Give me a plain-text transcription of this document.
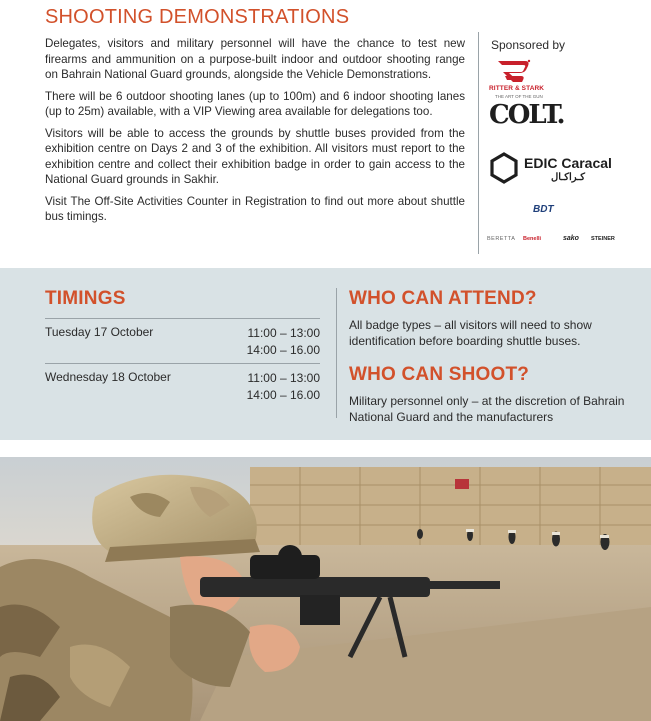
SHOOTING DEMONSTRATIONS

Delegates, visitors and military personnel will have the chance to test new firearms and ammunition on a purpose-built indoor and outdoor shooting range on Bahrain National Guard grounds, alongside the Vehicle Demonstrations.

There will be 6 outdoor shooting lanes (up to 100m) and 6 indoor shooting lanes (up to 25m) available, with a VIP Viewing area available for delegations too.

Visitors will be able to access the grounds by shuttle buses provided from the exhibition centre on Days 2 and 3 of the exhibition. All visitors must report to the exhibition centre and collect their exhibition badge in order to gain access to the National Guard grounds in Sakhir.

Visit The Off-Site Activities Counter in Registration to find out more about shuttle bus timings.

Sponsored by
RITTER & STARK
THE ART OF THE GUN
COLT.
EDIC Caracal
كـراكـال
BDT
BERETTA Benelli	sako STEINER
TIMINGS
Tuesday 17 October	11:00 – 13:00
14:00 – 16.00
Wednesday 18 October	11:00 – 13:00
14:00 – 16.00
WHO CAN ATTEND?

All badge types – all visitors will need to show identification before boarding shuttle buses.

WHO CAN SHOOT?

Military personnel only – at the discretion of Bahrain National Guard and the manufacturers
